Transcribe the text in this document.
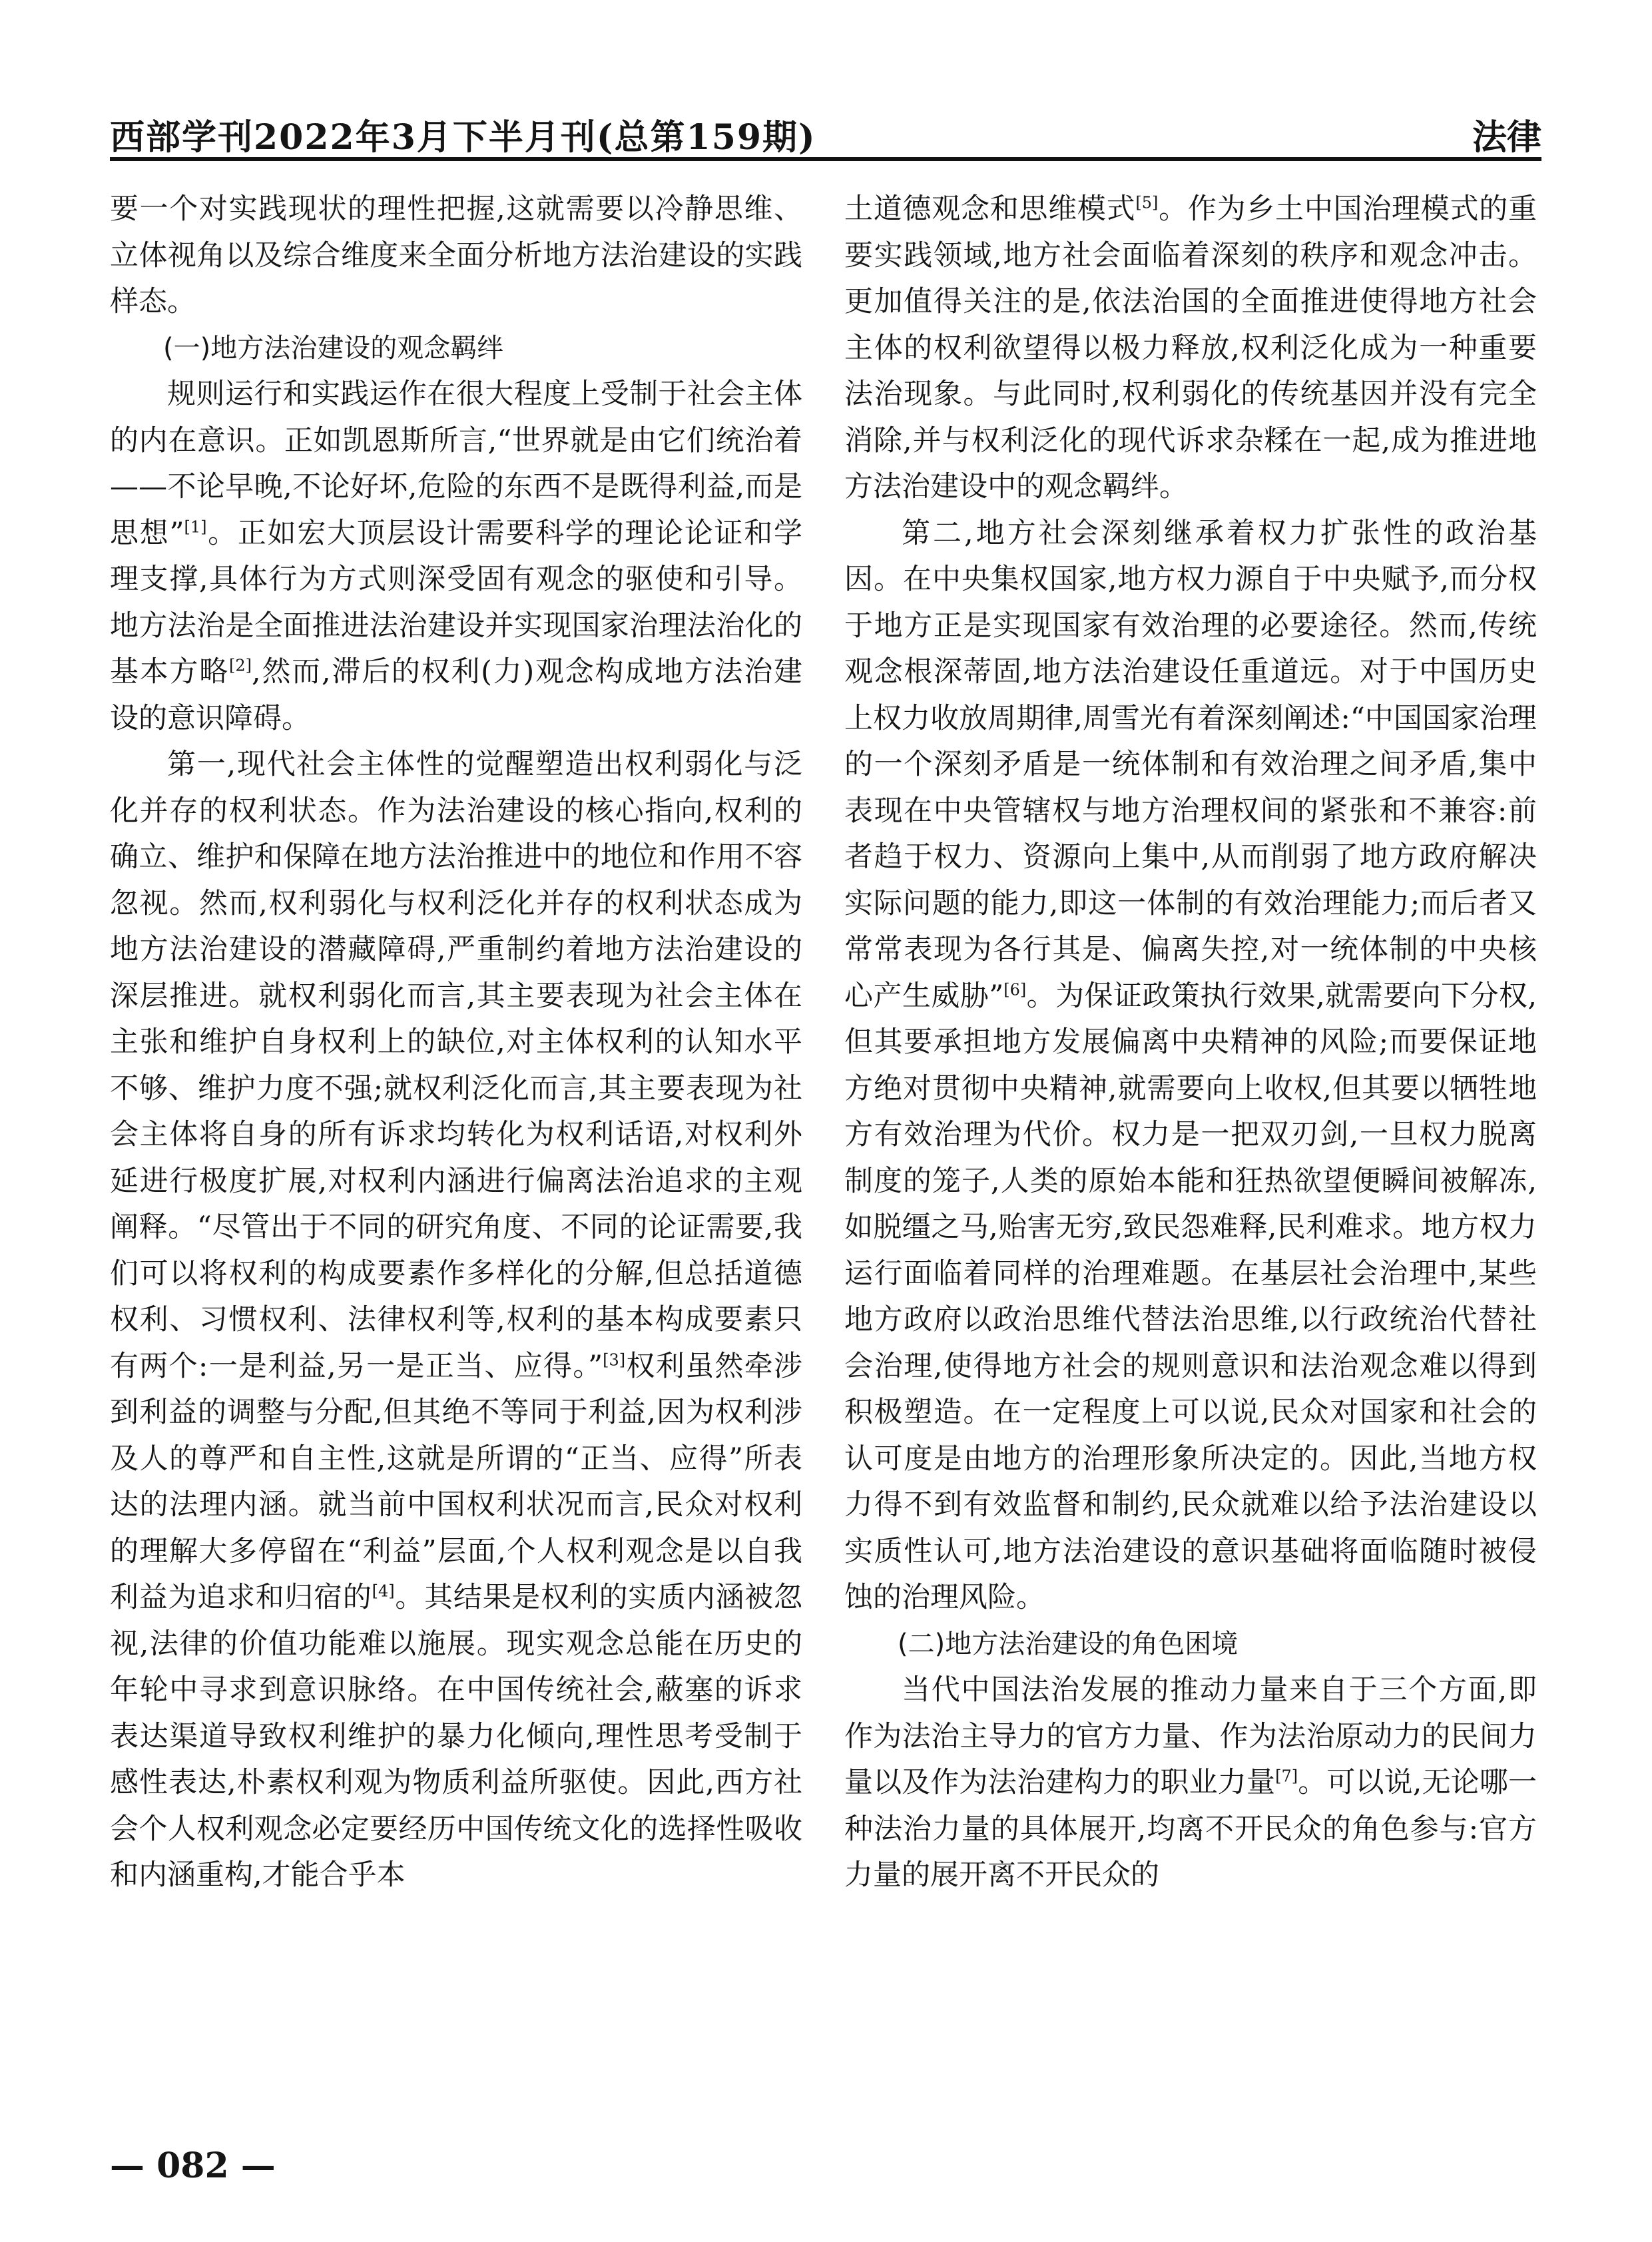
西部学刊2022年3月下半月刊(总第159期)	法律

要一个对实践现状的理性把握,这就需要以冷静思维、立体视角以及综合维度来全面分析地方法治建设的实践样态。

(一)地方法治建设的观念羁绊

规则运行和实践运作在很大程度上受制于社会主体的内在意识。正如凯恩斯所言,“世界就是由它们统治着——不论早晚,不论好坏,危险的东西不是既得利益,而是思想”[1]。正如宏大顶层设计需要科学的理论论证和学理支撑,具体行为方式则深受固有观念的驱使和引导。地方法治是全面推进法治建设并实现国家治理法治化的基本方略[2],然而,滞后的权利(力)观念构成地方法治建设的意识障碍。

第一,现代社会主体性的觉醒塑造出权利弱化与泛化并存的权利状态。作为法治建设的核心指向,权利的确立、维护和保障在地方法治推进中的地位和作用不容忽视。然而,权利弱化与权利泛化并存的权利状态成为地方法治建设的潜藏障碍,严重制约着地方法治建设的深层推进。就权利弱化而言,其主要表现为社会主体在主张和维护自身权利上的缺位,对主体权利的认知水平不够、维护力度不强;就权利泛化而言,其主要表现为社会主体将自身的所有诉求均转化为权利话语,对权利外延进行极度扩展,对权利内涵进行偏离法治追求的主观阐释。“尽管出于不同的研究角度、不同的论证需要,我们可以将权利的构成要素作多样化的分解,但总括道德权利、习惯权利、法律权利等,权利的基本构成要素只有两个:一是利益,另一是正当、应得。”[3]权利虽然牵涉到利益的调整与分配,但其绝不等同于利益,因为权利涉及人的尊严和自主性,这就是所谓的“正当、应得”所表达的法理内涵。就当前中国权利状况而言,民众对权利的理解大多停留在“利益”层面,个人权利观念是以自我利益为追求和归宿的[4]。其结果是权利的实质内涵被忽视,法律的价值功能难以施展。现实观念总能在历史的年轮中寻求到意识脉络。在中国传统社会,蔽塞的诉求表达渠道导致权利维护的暴力化倾向,理性思考受制于感性表达,朴素权利观为物质利益所驱使。因此,西方社会个人权利观念必定要经历中国传统文化的选择性吸收和内涵重构,才能合乎本

土道德观念和思维模式[5]。作为乡土中国治理模式的重要实践领域,地方社会面临着深刻的秩序和观念冲击。更加值得关注的是,依法治国的全面推进使得地方社会主体的权利欲望得以极力释放,权利泛化成为一种重要法治现象。与此同时,权利弱化的传统基因并没有完全消除,并与权利泛化的现代诉求杂糅在一起,成为推进地方法治建设中的观念羁绊。

第二,地方社会深刻继承着权力扩张性的政治基因。在中央集权国家,地方权力源自于中央赋予,而分权于地方正是实现国家有效治理的必要途径。然而,传统观念根深蒂固,地方法治建设任重道远。对于中国历史上权力收放周期律,周雪光有着深刻阐述:“中国国家治理的一个深刻矛盾是一统体制和有效治理之间矛盾,集中表现在中央管辖权与地方治理权间的紧张和不兼容:前者趋于权力、资源向上集中,从而削弱了地方政府解决实际问题的能力,即这一体制的有效治理能力;而后者又常常表现为各行其是、偏离失控,对一统体制的中央核心产生威胁”[6]。为保证政策执行效果,就需要向下分权,但其要承担地方发展偏离中央精神的风险;而要保证地方绝对贯彻中央精神,就需要向上收权,但其要以牺牲地方有效治理为代价。权力是一把双刃剑,一旦权力脱离制度的笼子,人类的原始本能和狂热欲望便瞬间被解冻,如脱缰之马,贻害无穷,致民怨难释,民利难求。地方权力运行面临着同样的治理难题。在基层社会治理中,某些地方政府以政治思维代替法治思维,以行政统治代替社会治理,使得地方社会的规则意识和法治观念难以得到积极塑造。在一定程度上可以说,民众对国家和社会的认可度是由地方的治理形象所决定的。因此,当地方权力得不到有效监督和制约,民众就难以给予法治建设以实质性认可,地方法治建设的意识基础将面临随时被侵蚀的治理风险。

(二)地方法治建设的角色困境

当代中国法治发展的推动力量来自于三个方面,即作为法治主导力的官方力量、作为法治原动力的民间力量以及作为法治建构力的职业力量[7]。可以说,无论哪一种法治力量的具体展开,均离不开民众的角色参与:官方力量的展开离不开民众的

— 082 —
